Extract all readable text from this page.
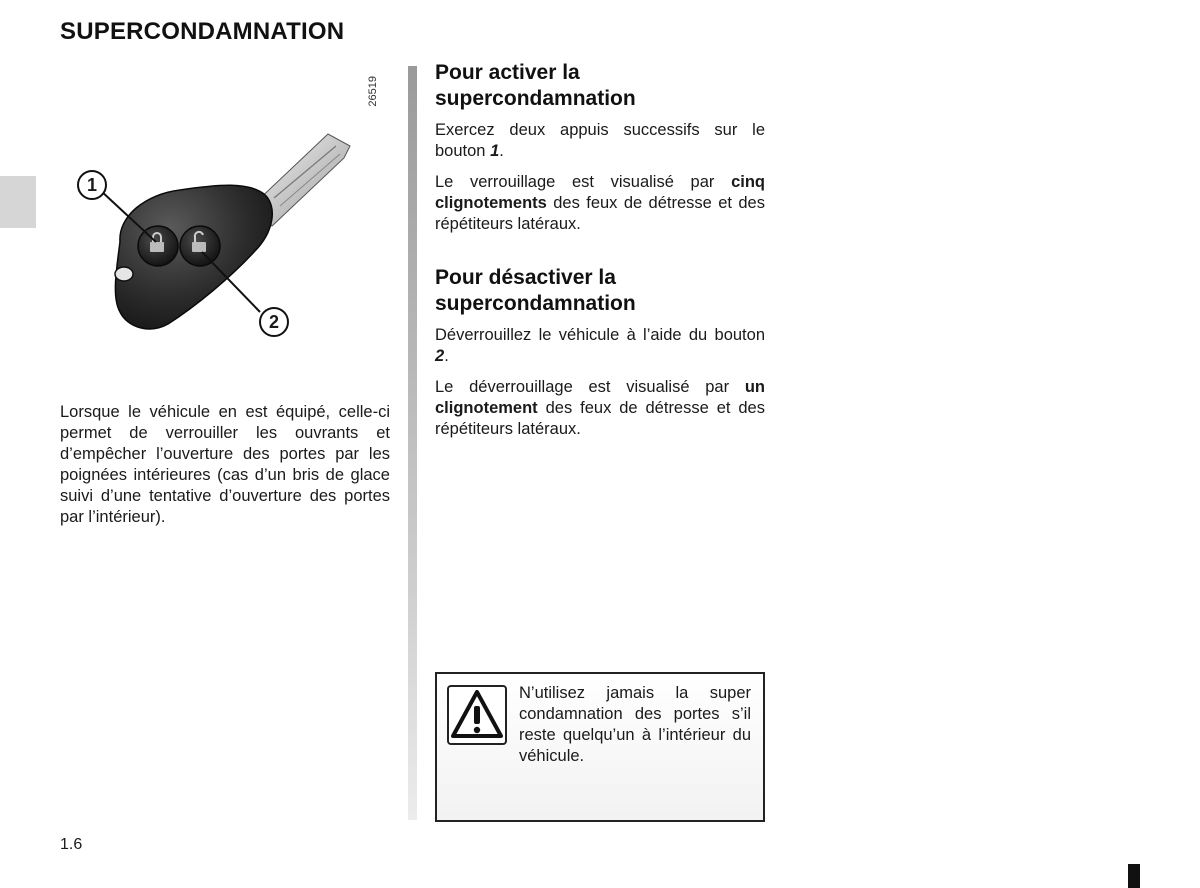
SUPERCONDAMNATION
1
2
26519

Lorsque le véhicule en est équipé, celle-ci permet de verrouiller les ouvrants et d’empêcher l’ouverture des portes par les poignées intérieures (cas d’un bris de glace suivi d’une tentative d’ouverture des portes par l’intérieur).

Pour activer la supercondamnation

Exercez deux appuis successifs sur le bouton 1.

Le verrouillage est visualisé par cinq clignotements des feux de détresse et des répétiteurs latéraux.

Pour désactiver la supercondamnation

Déverrouillez le véhicule à l’aide du bouton 2.

Le déverrouillage est visualisé par un clignotement des feux de détresse et des répétiteurs latéraux.

N’utilisez jamais la super condamnation des portes s’il reste quelqu’un à l’intérieur du véhicule.

1.6
